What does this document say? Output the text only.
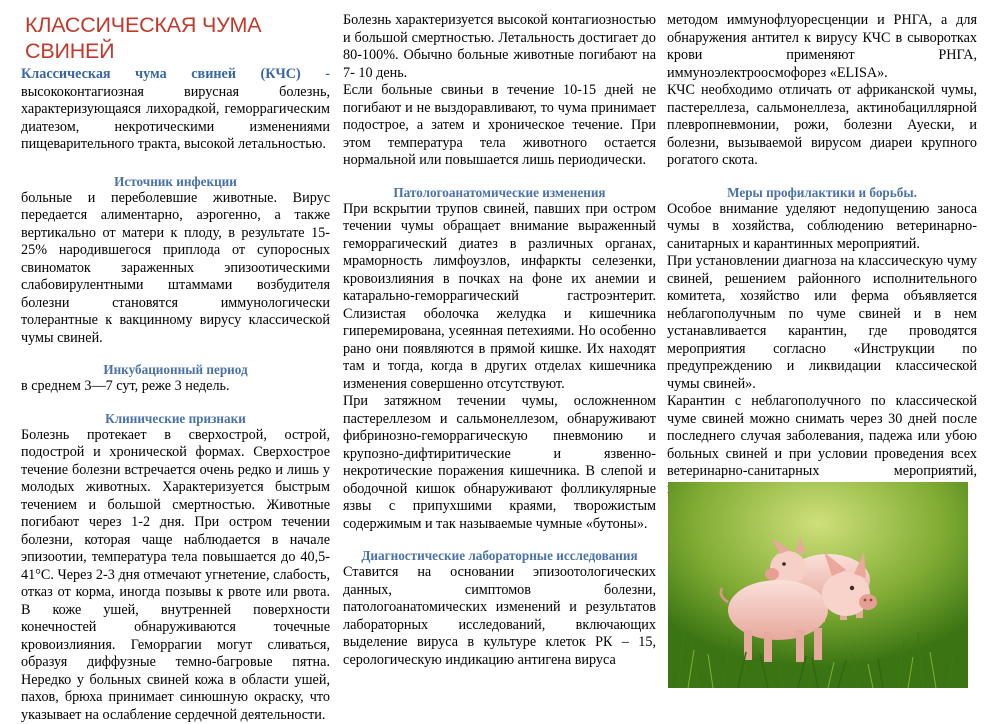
КЛАССИЧЕСКАЯ ЧУМА СВИНЕЙ

Классическая чума свиней (КЧС) - высококонтагиозная вирусная болезнь, характеризующаяся лихорадкой, геморрагическим диатезом, некротическими изменениями пищеварительного тракта, высокой летальностью.

Источник инфекции

больные и переболевшие животные. Вирус передается алиментарно, аэрогенно, а также вертикально от матери к плоду, в результате 15-25% народившегося приплода от супоросных свиноматок зараженных эпизоотическими слабовирулентными штаммами возбудителя болезни становятся иммунологически толерантные к вакцинному вирусу классической чумы свиней.

Инкубационный период

в среднем 3—7 сут, реже 3 недель.

Клинические признаки

Болезнь протекает в сверхострой, острой, подострой и хронической формах. Сверхострое течение болезни встречается очень редко и лишь у молодых животных. Характеризуется быстрым течением и большой смертностью. Животные погибают через 1-2 дня. При остром течении болезни, которая чаще наблюдается в начале эпизоотии, температура тела повышается до 40,5-41°С. Через 2-3 дня отмечают угнетение, слабость, отказ от корма, иногда позывы к рвоте или рвота. В коже ушей, внутренней поверхности конечностей обнаруживаются точечные кровоизлияния. Геморрагии могут сливаться, образуя диффузные темно-багровые пятна. Нередко у больных свиней кожа в области ушей, пахов, брюха принимает синюшную окраску, что указывает на ослабление сердечной деятельности.

Болезнь характеризуется высокой контагиозностью и большой смертностью. Летальность достигает до 80-100%. Обычно больные животные погибают на 7- 10 день.

Если больные свиньи в течение 10-15 дней не погибают и не выздоравливают, то чума принимает подострое, а затем и хроническое течение. При этом температура тела животного остается нормальной или повышается лишь периодически.

Патологоанатомические изменения

При вскрытии трупов свиней, павших при остром течении чумы обращает внимание выраженный геморрагический диатез в различных органах, мраморность лимфоузлов, инфаркты селезенки, кровоизлияния в почках на фоне их анемии и катарально-геморрагический гастроэнтерит. Слизистая оболочка желудка и кишечника гиперемирована, усеянная петехиями. Но особенно рано они появляются в прямой кишке. Их находят там и тогда, когда в других отделах кишечника изменения совершенно отсутствуют.

При затяжном течении чумы, осложненном пастереллезом и сальмонеллезом, обнаруживают фибринозно-геморрагическую пневмонию и крупозно-дифтиритические и язвенно-некротические поражения кишечника. В слепой и ободочной кишок обнаруживают фолликулярные язвы с припухшими краями, творожистым содержимым и так называемые чумные «бутоны».

Диагностические лабораторные исследования

Ставится на основании эпизоотологических данных, симптомов болезни, патологоанатомических изменений и результатов лабораторных исследований, включающих выделение вируса в культуре клеток РК – 15, серологическую индикацию антигена вируса

методом иммунофлуоресценции и РНГА, а для обнаружения антител к вирусу КЧС в сыворотках крови применяют РНГА, иммуноэлектроосмофорез «ELISA».

КЧС необходимо отличать от африканской чумы, пастереллеза, сальмонеллеза, актинобациллярной плевропневмонии, рожи, болезни Ауески, и болезни, вызываемой вирусом диареи крупного рогатого скота.

Меры профилактики и борьбы.

Особое внимание уделяют недопущению заноса чумы в хозяйства, соблюдению ветеринарно-санитарных и карантинных мероприятий.

При установлении диагноза на классическую чуму свиней, решением районного исполнительного комитета, хозяйство или ферма объявляется неблагополучным по чуме свиней и в нем устанавливается карантин, где проводятся мероприятия согласно «Инструкции по предупреждению и ликвидации классической чумы свиней».

Карантин с неблагополучного по классической чуме свиней можно снимать через 30 дней после последнего случая заболевания, падежа или убою больных свиней и при условии проведения всех ветеринарно-санитарных мероприятий,
